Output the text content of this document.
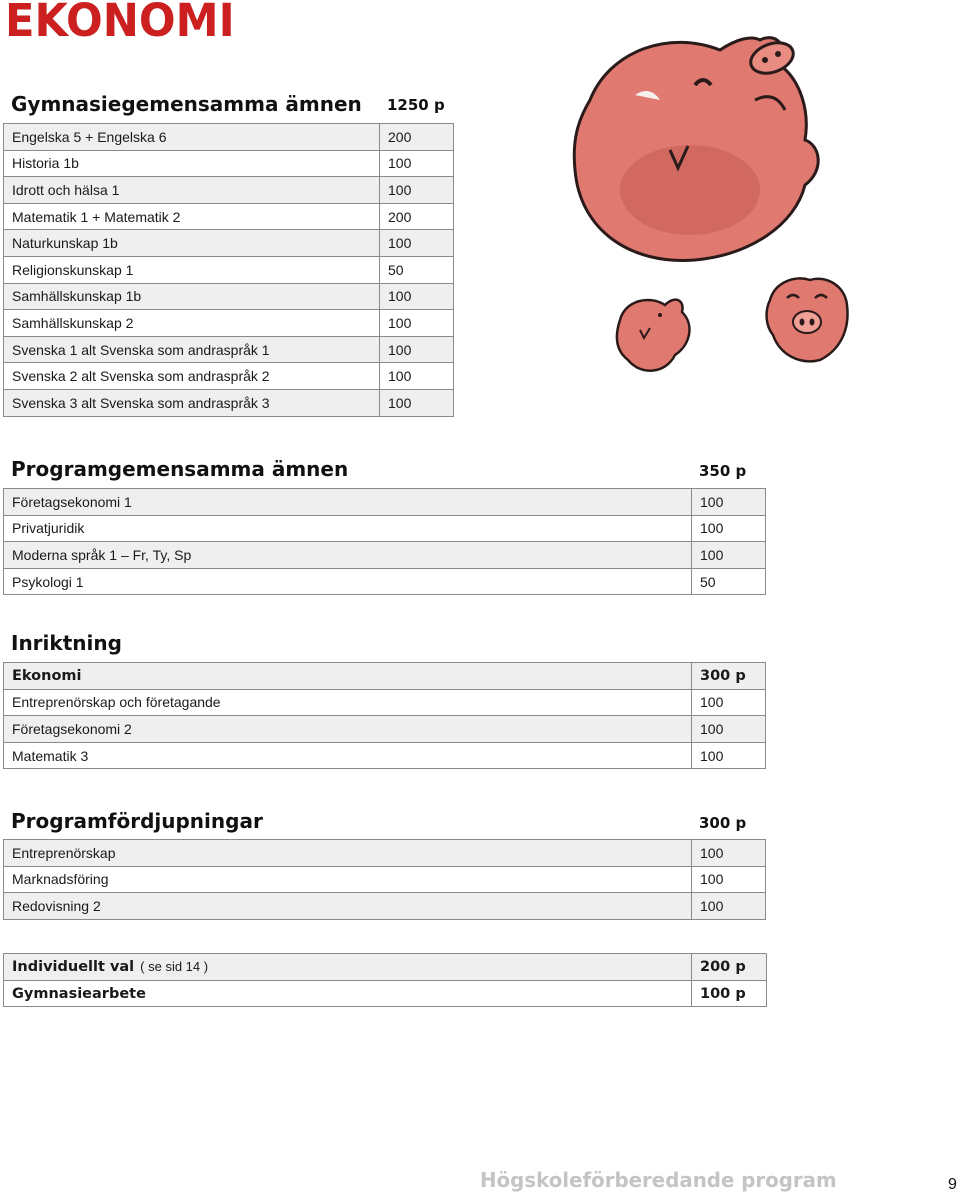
EKONOMI
Gymnasiegemensamma ämnen 1250 p
Engelska 5 + Engelska 6	200
Historia 1b	100
Idrott och hälsa 1	100
Matematik 1 + Matematik 2	200
Naturkunskap 1b	100
Religionskunskap 1	50
Samhällskunskap 1b	100
Samhällskunskap 2	100
Svenska 1 alt Svenska som andraspråk 1	100
Svenska 2 alt Svenska som andraspråk 2	100
Svenska 3 alt Svenska som andraspråk 3	100
Programgemensamma ämnen	350 p
Företagsekonomi 1	100
Privatjuridik	100
Moderna språk 1 – Fr, Ty, Sp	100
Psykologi 1	50
Inriktning
Ekonomi	300 p
Entreprenörskap och företagande	100
Företagsekonomi 2	100
Matematik 3	100
Programfördjupningar	300 p
Entreprenörskap	100
Marknadsföring	100
Redovisning 2	100
Individuellt val ( se sid 14 )	200 p
Gymnasiearbete	100 p
Högskoleförberedande program	9
